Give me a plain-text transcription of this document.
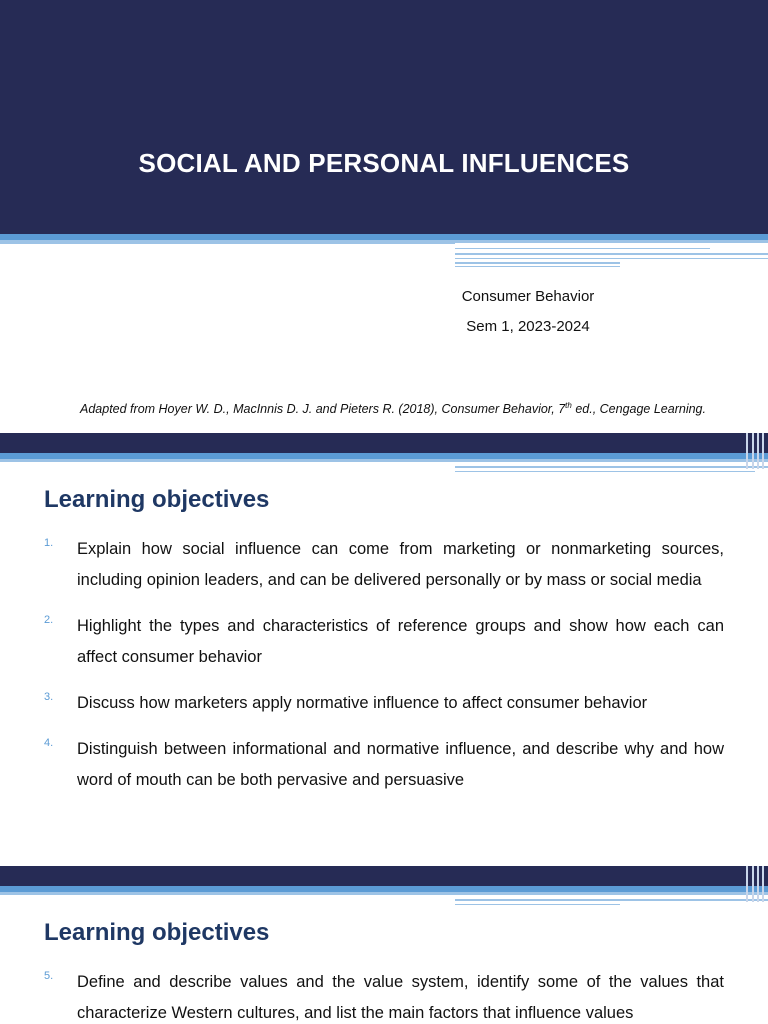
SOCIAL AND PERSONAL INFLUENCES
Consumer Behavior
Sem 1, 2023-2024
Adapted from Hoyer W. D., MacInnis D. J. and Pieters R. (2018), Consumer Behavior, 7th ed., Cengage Learning.
Learning objectives
1. Explain how social influence can come from marketing or nonmarketing sources, including opinion leaders, and can be delivered personally or by mass or social media
2. Highlight the types and characteristics of reference groups and show how each can affect consumer behavior
3. Discuss how marketers apply normative influence to affect consumer behavior
4. Distinguish between informational and normative influence, and describe why and how word of mouth can be both pervasive and persuasive
Learning objectives
5. Define and describe values and the value system, identify some of the values that characterize Western cultures, and list the main factors that influence values
